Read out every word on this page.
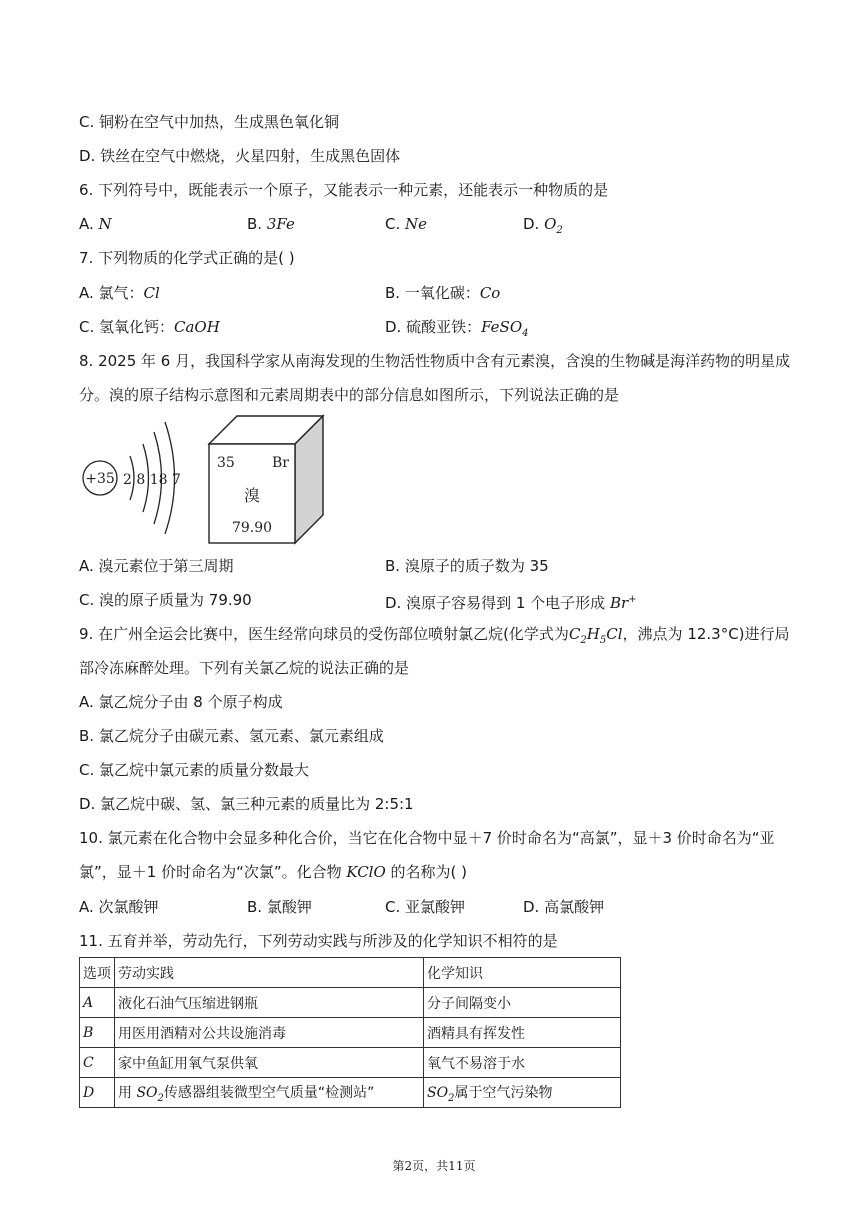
C. 铜粉在空气中加热，生成黑色氧化铜
D. 铁丝在空气中燃烧，火星四射，生成黑色固体
6. 下列符号中，既能表示一个原子，又能表示一种元素，还能表示一种物质的是
A. N	B. 3Fe	C. Ne	D. $O_2$
7. 下列物质的化学式正确的是( )
A. 氯气：Cl	B. 一氧化碳：Co
C. 氢氧化钙：CaOH	D. 硫酸亚铁：FeSO$_4$
8. 2025 年 6 月，我国科学家从南海发现的生物活性物质中含有元素溴，含溴的生物碱是海洋药物的明星成
分。溴的原子结构示意图和元素周期表中的部分信息如图所示，下列说法正确的是
+35 2 8 18 7
35	Br
溴
79.90
A. 溴元素位于第三周期	B. 溴原子的质子数为 35
C. 溴的原子质量为 79.90	D. 溴原子容易得到 1 个电子形成 Br+
9. 在广州全运会比赛中，医生经常向球员的受伤部位喷射氯乙烷(化学式为$C_2H_5Cl$，沸点为 12.3°C)进行局
部冷冻麻醉处理。下列有关氯乙烷的说法正确的是
A. 氯乙烷分子由 8 个原子构成
B. 氯乙烷分子由碳元素、氢元素、氯元素组成
C. 氯乙烷中氯元素的质量分数最大
D. 氯乙烷中碳、氢、氯三种元素的质量比为 2:5:1
10. 氯元素在化合物中会显多种化合价，当它在化合物中显＋7 价时命名为“高氯”，显＋3 价时命名为“亚
氯”，显＋1 价时命名为“次氯”。化合物 KClO 的名称为( )
A. 次氯酸钾	B. 氯酸钾	C. 亚氯酸钾	D. 高氯酸钾
11. 五育并举，劳动先行，下列劳动实践与所涉及的化学知识不相符的是
选项	劳动实践	化学知识
A	液化石油气压缩进钢瓶	分子间隔变小
B	用医用酒精对公共设施消毒	酒精具有挥发性
C	家中鱼缸用氧气泵供氧	氧气不易溶于水
D	用 $SO_2$传感器组装微型空气质量“检测站”	$SO_2$属于空气污染物
第2页，共11页
